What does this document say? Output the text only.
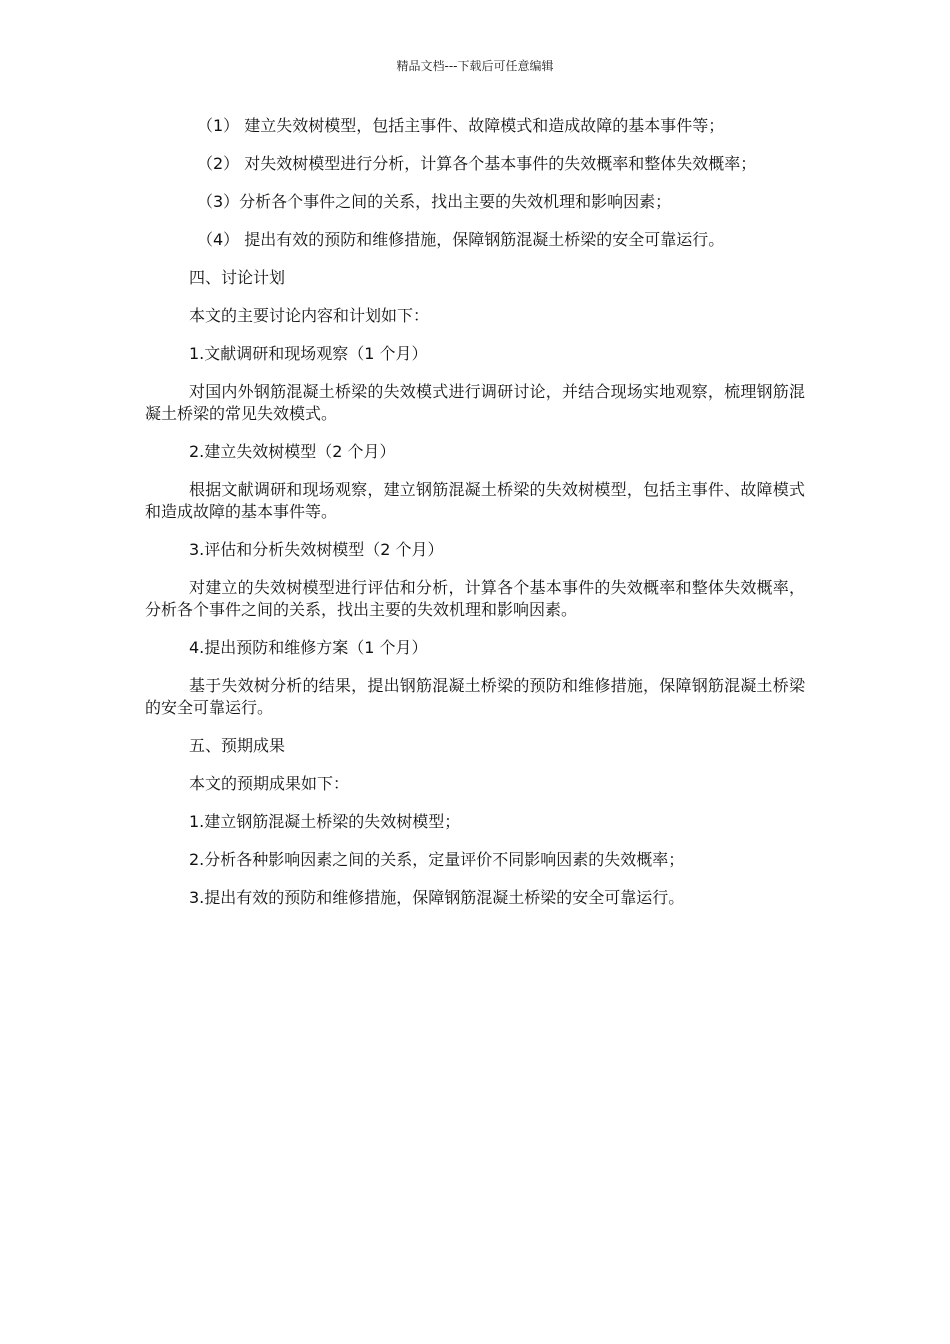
精品文档---下载后可任意编辑

（1） 建立失效树模型，包括主事件、故障模式和造成故障的基本事件等；

（2） 对失效树模型进行分析，计算各个基本事件的失效概率和整体失效概率；

（3）分析各个事件之间的关系，找出主要的失效机理和影响因素；

（4） 提出有效的预防和维修措施，保障钢筋混凝土桥梁的安全可靠运行。

四、讨论计划

本文的主要讨论内容和计划如下：

1.文献调研和现场观察（1 个月）

对国内外钢筋混凝土桥梁的失效模式进行调研讨论，并结合现场实地观察，梳理钢筋混凝土桥梁的常见失效模式。

2.建立失效树模型（2 个月）

根据文献调研和现场观察，建立钢筋混凝土桥梁的失效树模型，包括主事件、故障模式和造成故障的基本事件等。

3.评估和分析失效树模型（2 个月）

对建立的失效树模型进行评估和分析，计算各个基本事件的失效概率和整体失效概率，分析各个事件之间的关系，找出主要的失效机理和影响因素。

4.提出预防和维修方案（1 个月）

基于失效树分析的结果，提出钢筋混凝土桥梁的预防和维修措施，保障钢筋混凝土桥梁的安全可靠运行。

五、预期成果

本文的预期成果如下：

1.建立钢筋混凝土桥梁的失效树模型；

2.分析各种影响因素之间的关系，定量评价不同影响因素的失效概率；

3.提出有效的预防和维修措施，保障钢筋混凝土桥梁的安全可靠运行。
